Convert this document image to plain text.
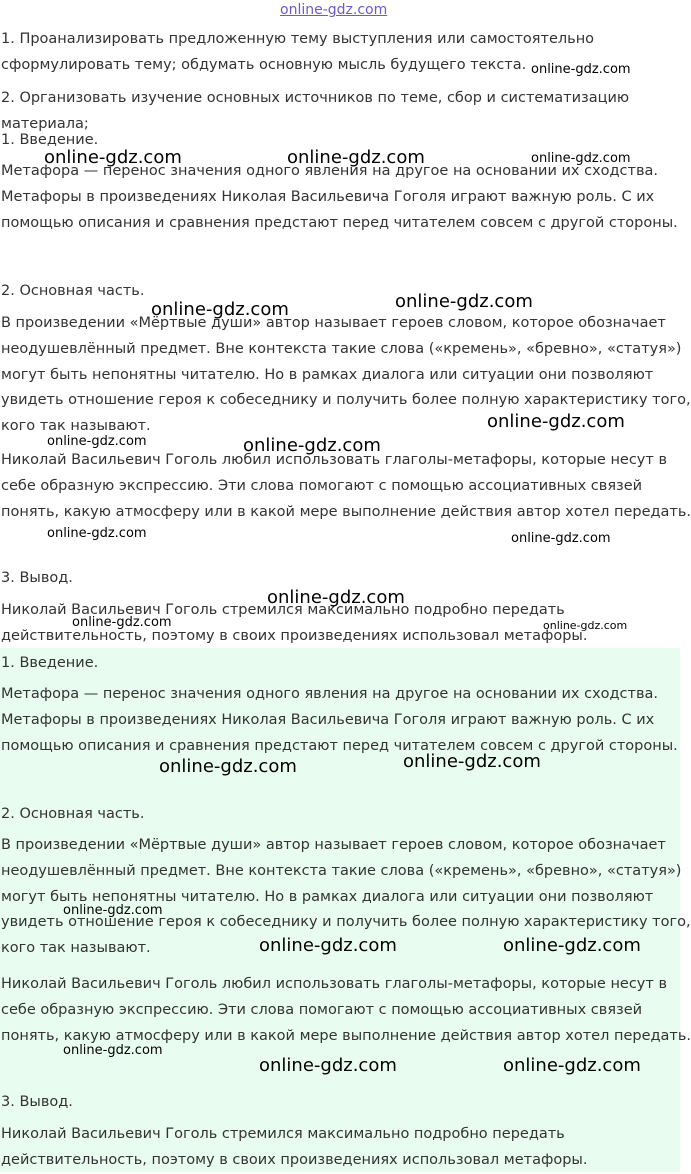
online-gdz.com
1. Проанализировать предложенную тему выступления или самостоятельно
сформулировать тему; обдумать основную мысль будущего текста.
2. Организовать изучение основных источников по теме, сбор и систематизацию
материала;
1. Введение.
Метафора — перенос значения одного явления на другое на основании их сходства.
Метафоры в произведениях Николая Васильевича Гоголя играют важную роль. С их
помощью описания и сравнения предстают перед читателем совсем с другой стороны.
2. Основная часть.
В произведении «Мёртвые души» автор называет героев словом, которое обозначает
неодушевлённый предмет. Вне контекста такие слова («кремень», «бревно», «статуя»)
могут быть непонятны читателю. Но в рамках диалога или ситуации они позволяют
увидеть отношение героя к собеседнику и получить более полную характеристику того,
кого так называют.
Николай Васильевич Гоголь любил использовать глаголы-метафоры, которые несут в
себе образную экспрессию. Эти слова помогают с помощью ассоциативных связей
понять, какую атмосферу или в какой мере выполнение действия автор хотел передать.
3. Вывод.
Николай Васильевич Гоголь стремился максимально подробно передать
действительность, поэтому в своих произведениях использовал метафоры.
1. Введение.
Метафора — перенос значения одного явления на другое на основании их сходства.
Метафоры в произведениях Николая Васильевича Гоголя играют важную роль. С их
помощью описания и сравнения предстают перед читателем совсем с другой стороны.
2. Основная часть.
В произведении «Мёртвые души» автор называет героев словом, которое обозначает
неодушевлённый предмет. Вне контекста такие слова («кремень», «бревно», «статуя»)
могут быть непонятны читателю. Но в рамках диалога или ситуации они позволяют
увидеть отношение героя к собеседнику и получить более полную характеристику того,
кого так называют.
Николай Васильевич Гоголь любил использовать глаголы-метафоры, которые несут в
себе образную экспрессию. Эти слова помогают с помощью ассоциативных связей
понять, какую атмосферу или в какой мере выполнение действия автор хотел передать.
3. Вывод.
Николай Васильевич Гоголь стремился максимально подробно передать
действительность, поэтому в своих произведениях использовал метафоры.
online-gdz.com
online-gdz.com	online-gdz.com	online-gdz.com
online-gdz.com
online-gdz.com
online-gdz.com
online-gdz.com	online-gdz.com
online-gdz.com	online-gdz.com
online-gdz.com
online-gdz.com	online-gdz.com
online-gdz.com
online-gdz.com
online-gdz.com
online-gdz.com	online-gdz.com
online-gdz.com
online-gdz.com	online-gdz.com
